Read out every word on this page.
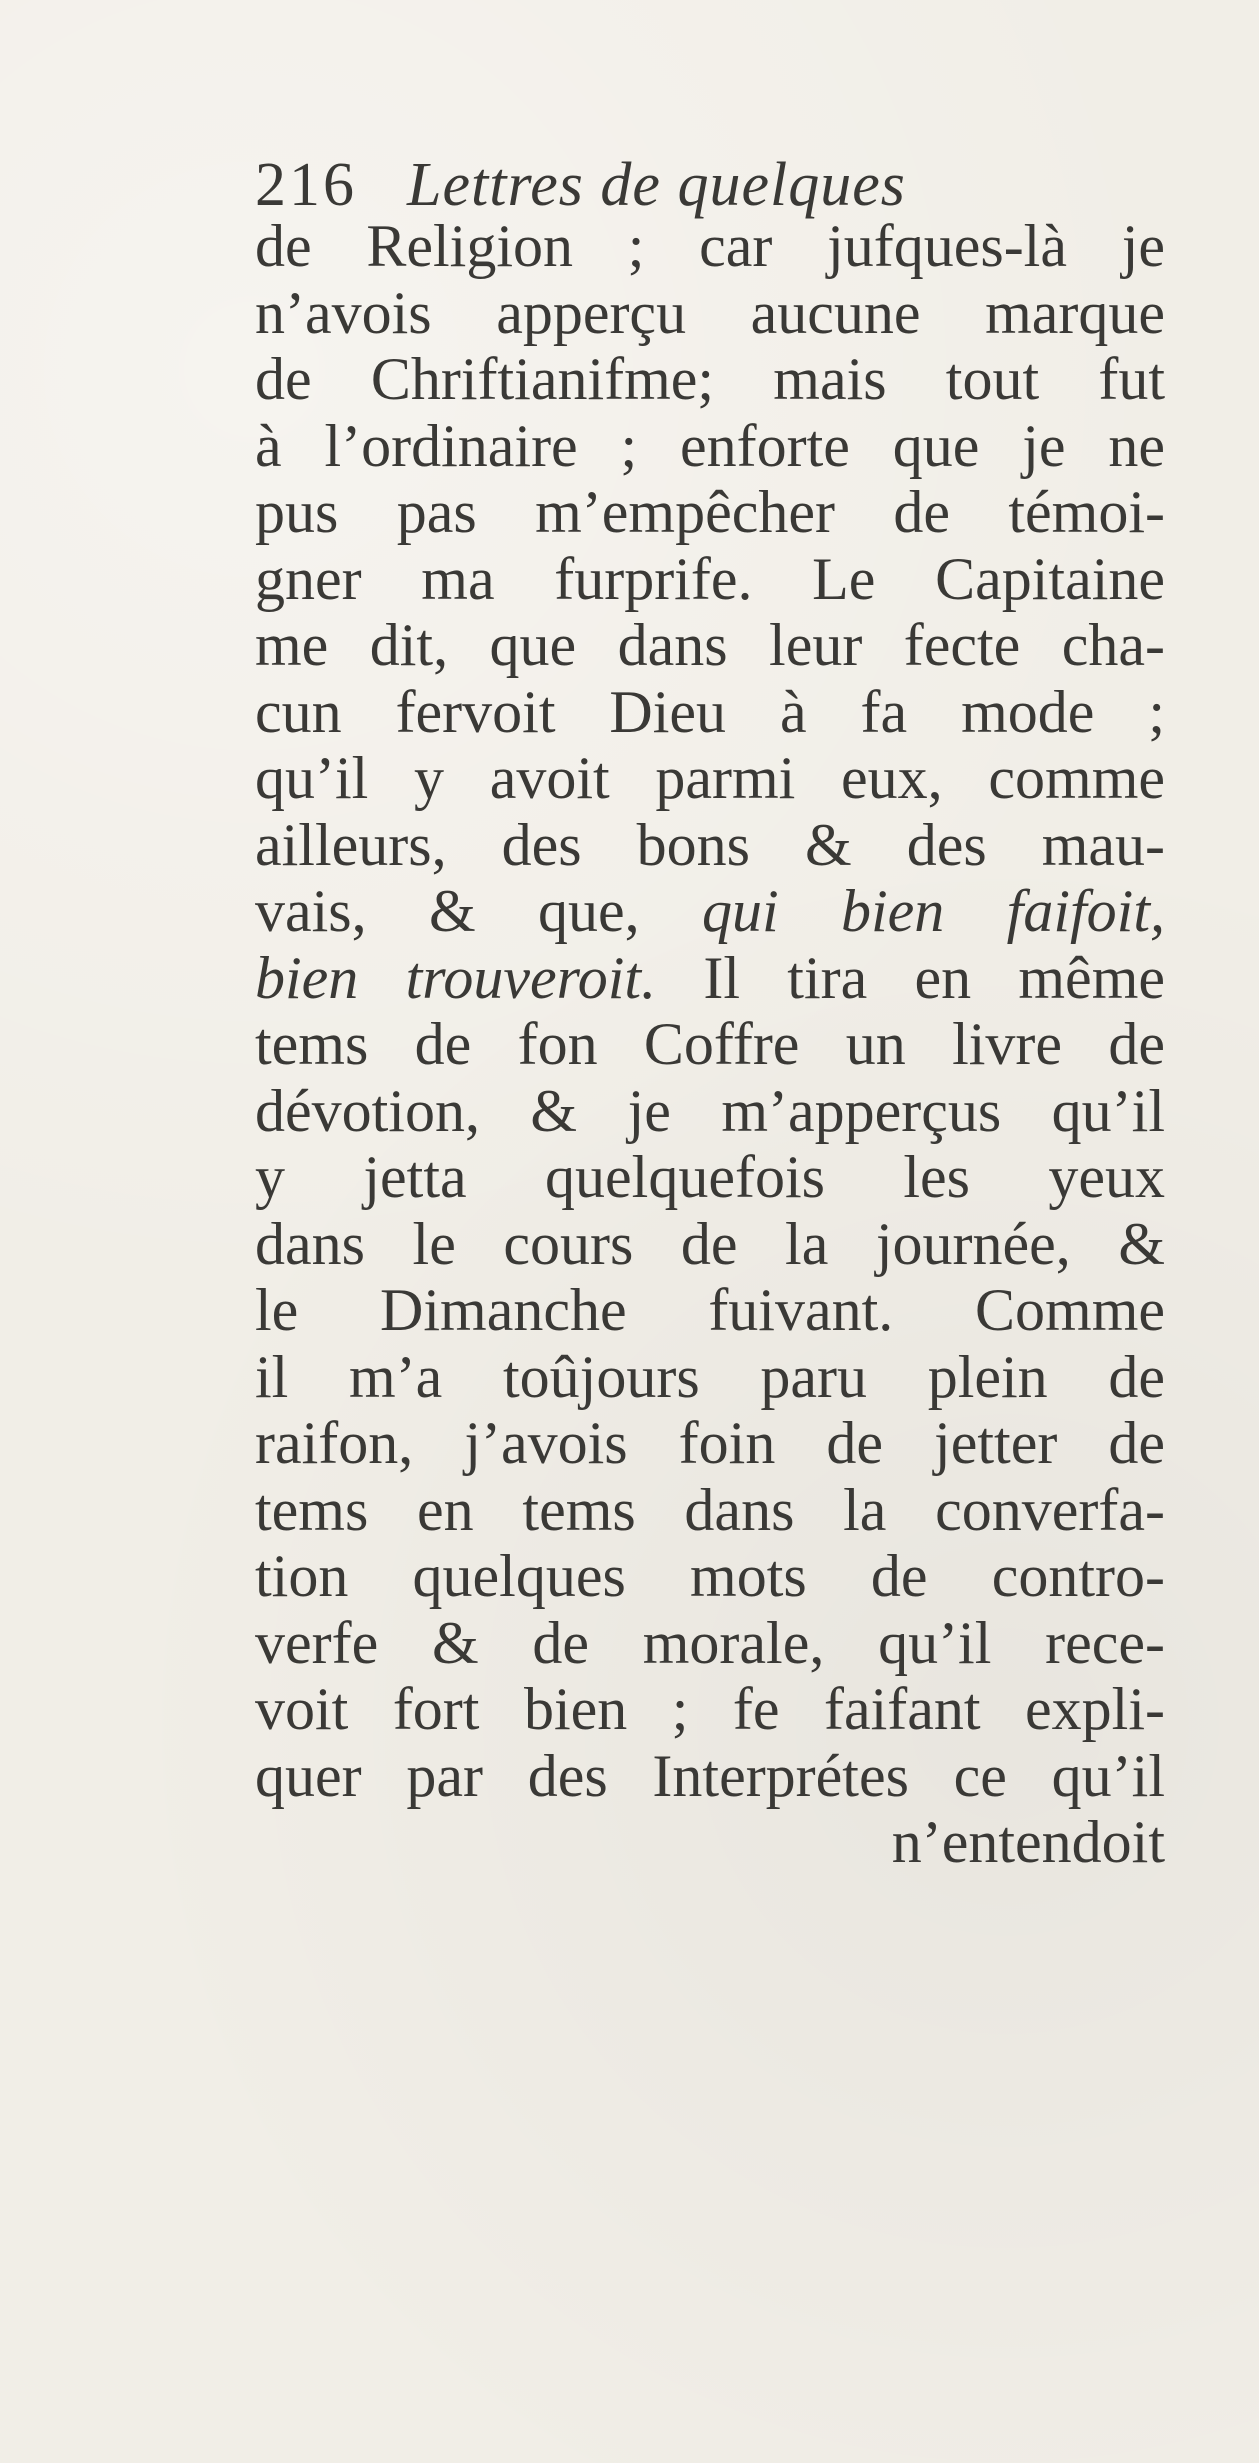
216 Lettres de quelques
de Religion ; car jufques-là je
n’avois apperçu aucune marque
de Chriftianifme; mais tout fut
à l’ordinaire ; enforte que je ne
pus pas m’empêcher de témoi-
gner ma furprife. Le Capitaine
me dit, que dans leur fecte cha-
cun fervoit Dieu à fa mode ;
qu’il y avoit parmi eux, comme
ailleurs, des bons & des mau-
vais, & que, qui bien faifoit,
bien trouveroit. Il tira en même
tems de fon Coffre un livre de
dévotion, & je m’apperçus qu’il
y jetta quelquefois les yeux
dans le cours de la journée, &
le Dimanche fuivant. Comme
il m’a toûjours paru plein de
raifon, j’avois foin de jetter de
tems en tems dans la converfa-
tion quelques mots de contro-
verfe & de morale, qu’il rece-
voit fort bien ; fe faifant expli-
quer par des Interprétes ce qu’il
n’entendoit
